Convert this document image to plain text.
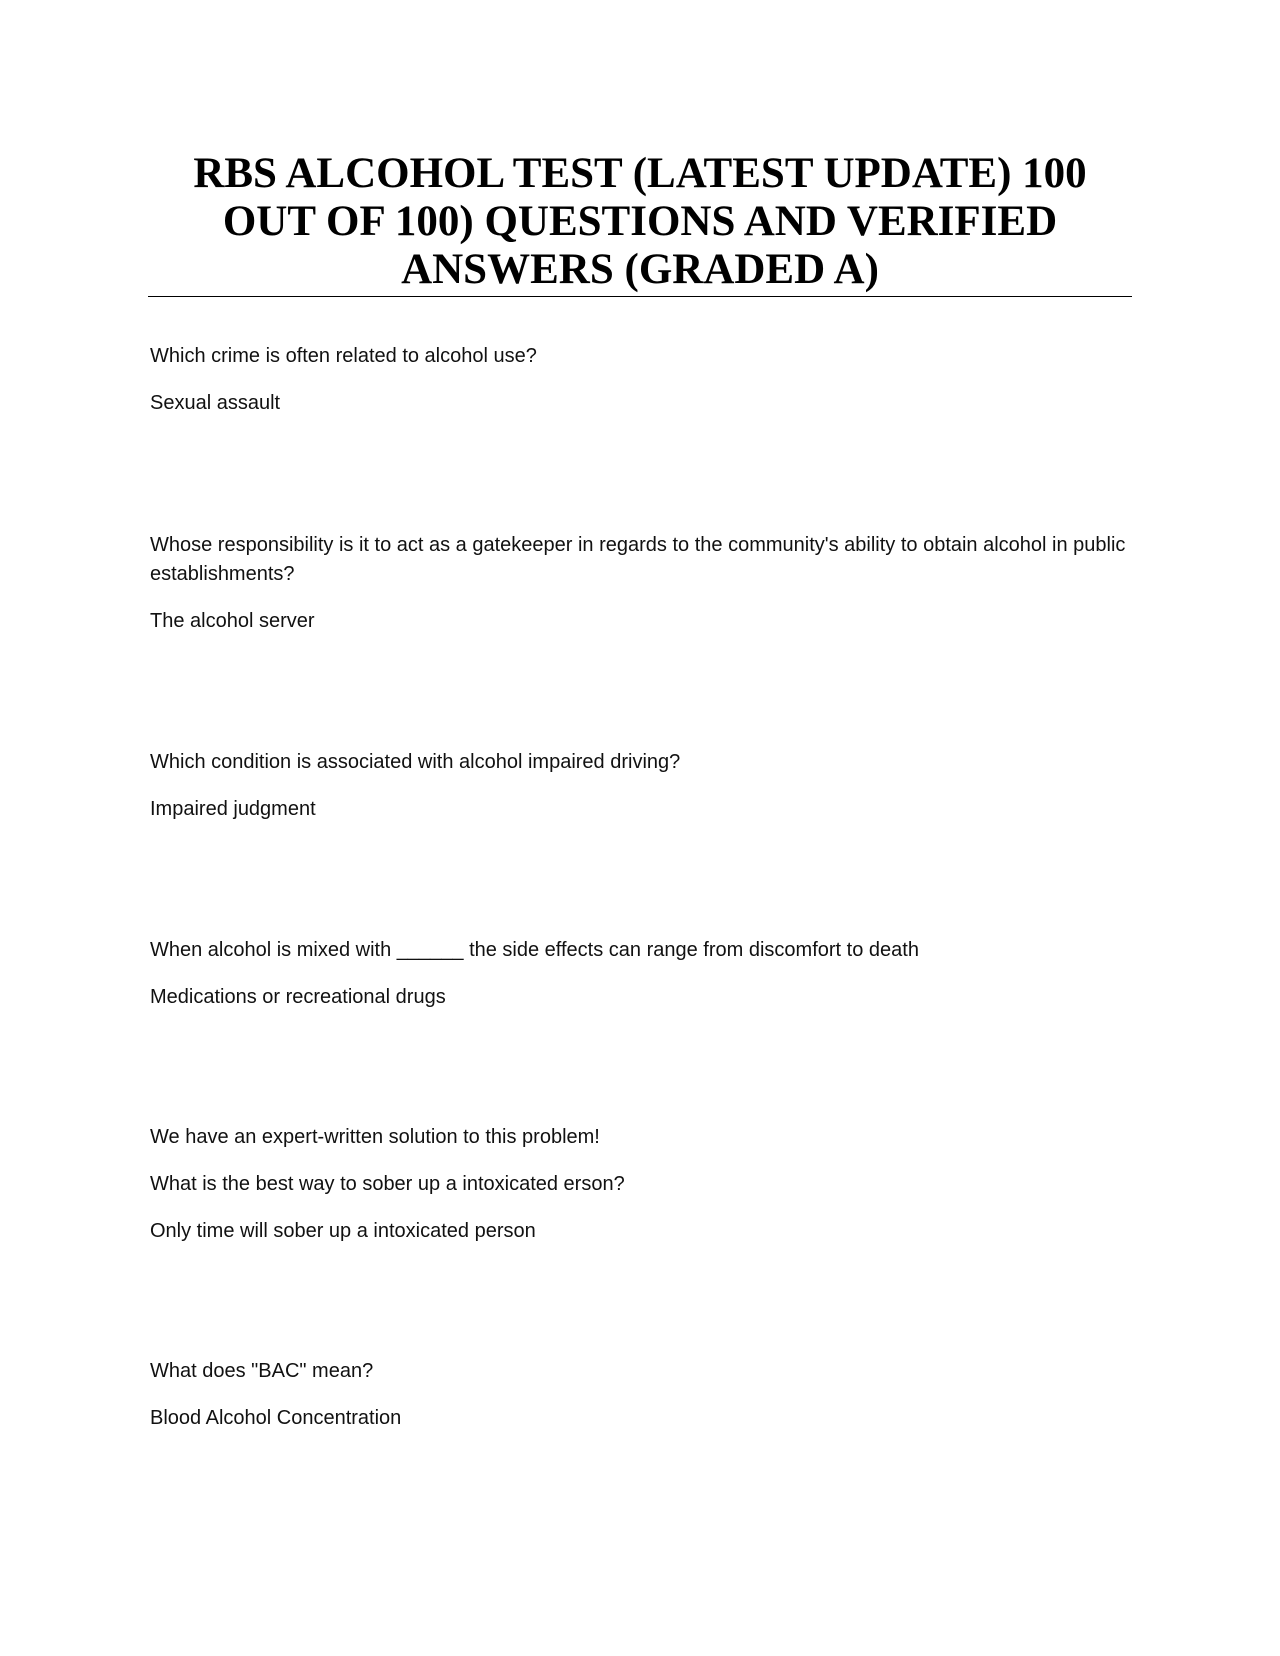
RBS ALCOHOL TEST (LATEST UPDATE) 100 OUT OF 100) QUESTIONS AND VERIFIED ANSWERS (GRADED A)

Which crime is often related to alcohol use?

Sexual assault

Whose responsibility is it to act as a gatekeeper in regards to the community's ability to obtain alcohol in public establishments?

The alcohol server

Which condition is associated with alcohol impaired driving?

Impaired judgment

When alcohol is mixed with ______ the side effects can range from discomfort to death

Medications or recreational drugs

We have an expert-written solution to this problem!

What is the best way to sober up a intoxicated erson?

Only time will sober up a intoxicated person

What does "BAC" mean?

Blood Alcohol Concentration
